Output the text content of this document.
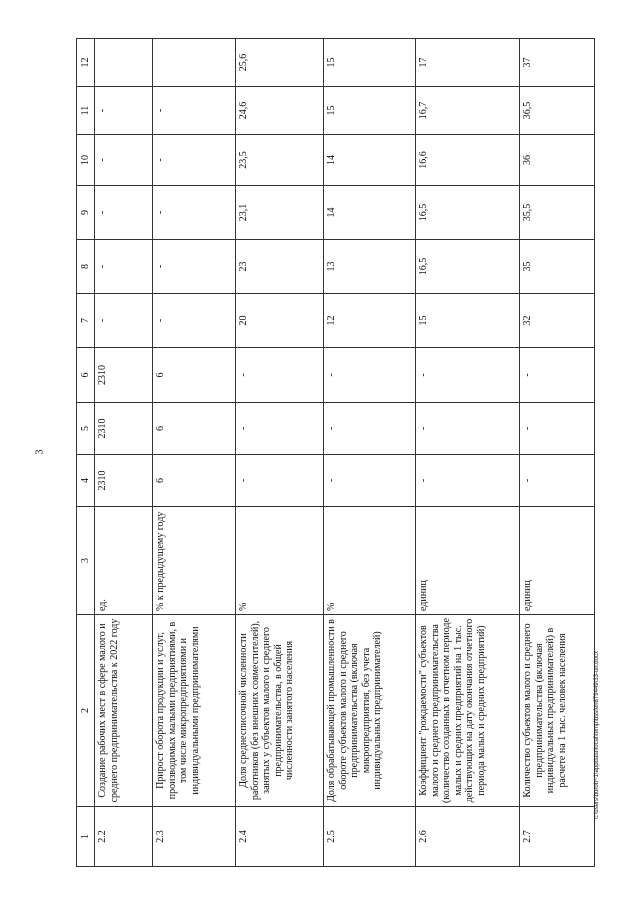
3
1	2	3	4	5	6	7	8	9	10	11	12
2.2	Создание рабочих мест в сфере малого и среднего предпринимательства к 2022 году	ед.	2310	2310	2310	-	-	-	-	-	
2.3	Прирост оборота продукции и услуг, производимых малыми предприятиями, в том числе микропредприятиями и индивидуальными предпринимателями	% к предыдущему году	6	6	6	-	-	-	-	-	
2.4	Доля среднесписочной численности работников (без внешних совместителей), занятых у субъектов малого и среднего предпринимательства, в общей численности занятого населения	%	-	-	-	20	23	23,1	23,5	24,6	25,6
2.5	Доля обрабатывающей промышленности в обороте субъектов малого и среднего предпринимательства (включая микропредприятия, без учета индивидуальных предпринимателей)	%	-	-	-	12	13	14	14	15	15
2.6	Коэффициент "рождаемости" субъектов малого и среднего предпринимательства (количество созданных в отчетном периоде малых и средних предприятий на 1 тыс. действующих на дату окончания отчетного периода малых и средних предприятий)	единиц	-	-	-	15	16,5	16,5	16,6	16,7	17
2.7	Количество субъектов малого и среднего предпринимательства (включая индивидуальных предпринимателей) в расчете на 1 тыс. человек населения	единиц	-	-	-	32	35	35,5	36	36,5	37
c:\users\borob~1\appdata\local\temp\bssfen879449\33-un.docx
